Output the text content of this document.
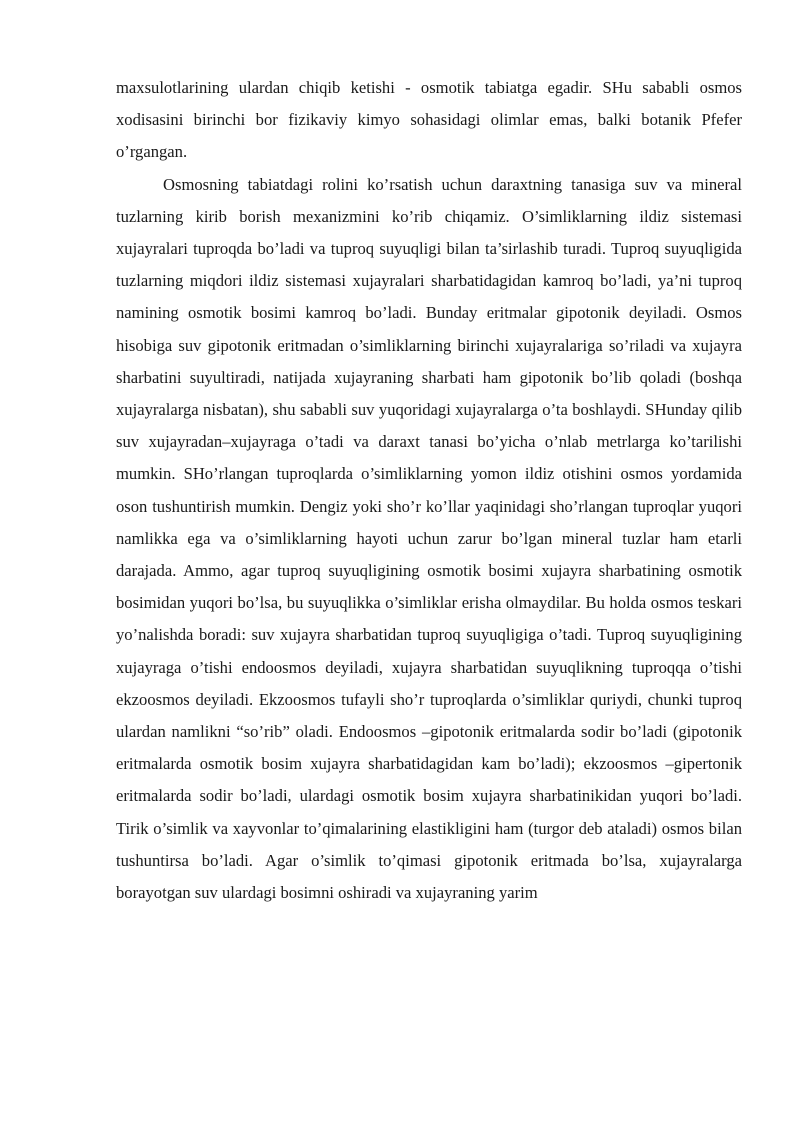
maxsulotlarining ulardan chiqib ketishi - osmotik tabiatga egadir. SHu sababli osmos xodisasini birinchi bor fizikaviy kimyo sohasidagi olimlar emas, balki botanik Pfefer o’rgangan.

Osmosning tabiatdagi rolini ko’rsatish uchun daraxtning tanasiga suv va mineral tuzlarning kirib borish mexanizmini ko’rib chiqamiz. O’simliklarning ildiz sistemasi xujayralari tuproqda bo’ladi va tuproq suyuqligi bilan ta’sirlashib turadi. Tuproq suyuqligida tuzlarning miqdori ildiz sistemasi xujayralari sharbatidagidan kamroq bo’ladi, ya’ni tuproq namining osmotik bosimi kamroq bo’ladi. Bunday eritmalar gipotonik deyiladi. Osmos hisobiga suv gipotonik eritmadan o’simliklarning birinchi xujayralariga so’riladi va xujayra sharbatini suyultiradi, natijada xujayraning sharbati ham gipotonik bo’lib qoladi (boshqa xujayralarga nisbatan), shu sababli suv yuqoridagi xujayralarga o’ta boshlaydi. SHunday qilib suv xujayradan–xujayraga o’tadi va daraxt tanasi bo’yicha o’nlab metrlarga ko’tarilishi mumkin. SHo’rlangan tuproqlarda o’simliklarning yomon ildiz otishini osmos yordamida oson tushuntirish mumkin. Dengiz yoki sho’r ko’llar yaqinidagi sho’rlangan tuproqlar yuqori namlikka ega va o’simliklarning hayoti uchun zarur bo’lgan mineral tuzlar ham etarli darajada. Ammo, agar tuproq suyuqligining osmotik bosimi xujayra sharbatining osmotik bosimidan yuqori bo’lsa, bu suyuqlikka o’simliklar erisha olmaydilar. Bu holda osmos teskari yo’nalishda boradi: suv xujayra sharbatidan tuproq suyuqligiga o’tadi. Tuproq suyuqligining xujayraga o’tishi endoosmos deyiladi, xujayra sharbatidan suyuqlikning tuproqqa o’tishi ekzoosmos deyiladi. Ekzoosmos tufayli sho’r tuproqlarda o’simliklar quriydi, chunki tuproq ulardan namlikni “so’rib” oladi. Endoosmos –gipotonik eritmalarda sodir bo’ladi (gipotonik eritmalarda osmotik bosim xujayra sharbatidagidan kam bo’ladi); ekzoosmos –gipertonik eritmalarda sodir bo’ladi, ulardagi osmotik bosim xujayra sharbatinikidan yuqori bo’ladi. Tirik o’simlik va xayvonlar to’qimalarining elastikligini ham (turgor deb ataladi) osmos bilan tushuntirsa bo’ladi. Agar o’simlik to’qimasi gipotonik eritmada bo’lsa, xujayralarga borayotgan suv ulardagi bosimni oshiradi va xujayraning yarim
